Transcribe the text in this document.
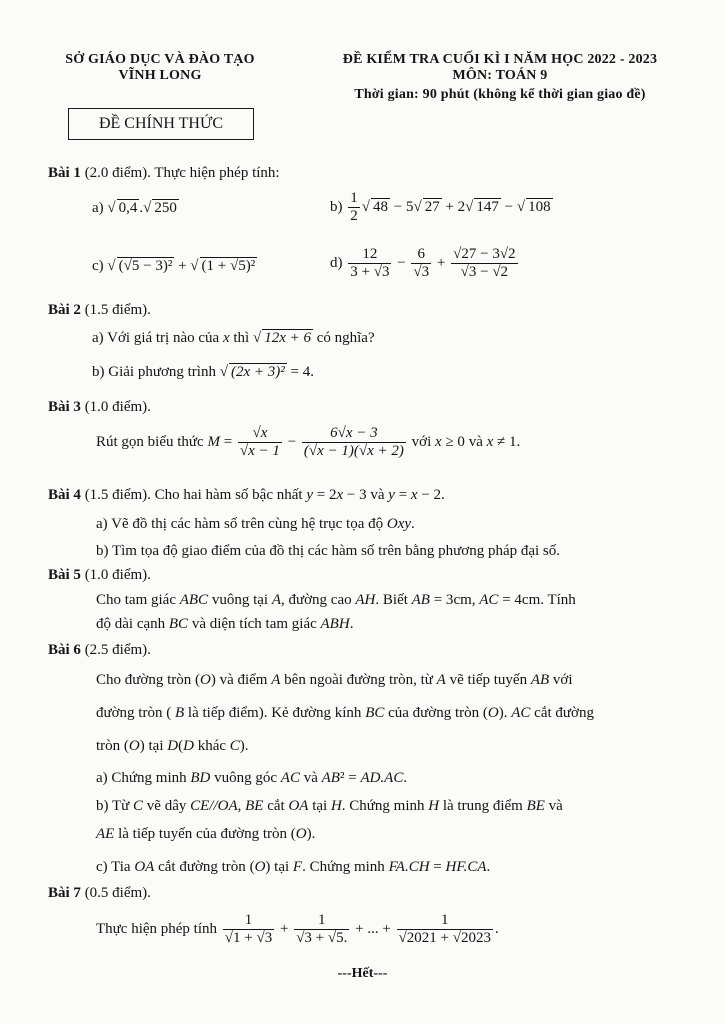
SỞ GIÁO DỤC VÀ ĐÀO TẠO
VĨNH LONG
ĐỀ KIỂM TRA CUỐI KÌ I NĂM HỌC 2022 - 2023
MÔN: TOÁN 9
Thời gian: 90 phút (không kể thời gian giao đề)
ĐỀ CHÍNH THỨC
Bài 1 (2.0 điểm). Thực hiện phép tính:
a) √ 0,4 .√ 250	$b) \frac{1}{2}$ √ 48 − 5√ 27 + 2√ 147 − √ 108
c) √ (√5 − 3)² + √ (1 + √5)²	$d) \frac{12}{3 + √3} - \frac{6}{√3} + \frac{√27 - 3√2}{√3 - √2}$
Bài 2 (1.5 điểm).
a) Với giá trị nào của x thì √ 12x + 6 có nghĩa?
b) Giải phương trình √ (2x + 3)² = 4.
Bài 3 (1.0 điểm).
Rút gọn biểu thức $M = \frac{√x}{√x - 1} - \frac{6√x - 3}{(√x - 1)(√x + 2)}$ với x ≥ 0 và x ≠ 1.
Bài 4 (1.5 điểm). Cho hai hàm số bậc nhất y = 2x − 3 và y = x − 2.
a) Vẽ đồ thị các hàm số trên cùng hệ trục tọa độ Oxy.
b) Tìm tọa độ giao điểm của đồ thị các hàm số trên bằng phương pháp đại số.
Bài 5 (1.0 điểm).
Cho tam giác ABC vuông tại A, đường cao AH. Biết AB = 3cm, AC = 4cm. Tính
độ dài cạnh BC và diện tích tam giác ABH.
Bài 6 (2.5 điểm).
Cho đường tròn (O) và điểm A bên ngoài đường tròn, từ A vẽ tiếp tuyến AB với
đường tròn ( B là tiếp điểm). Kẻ đường kính BC của đường tròn (O). AC cắt đường
tròn (O) tại D(D khác C).
a) Chứng minh BD vuông góc AC và AB² = AD.AC.
b) Từ C vẽ dây CE//OA, BE cắt OA tại H. Chứng minh H là trung điểm BE và
AE là tiếp tuyến của đường tròn (O).
c) Tia OA cắt đường tròn (O) tại F. Chứng minh FA.CH = HF.CA.
Bài 7 (0.5 điểm).
Thực hiện phép tính $\frac{1}{√1 + √3} + \frac{1}{√3 + √5.}$ + ... + $\frac{1}{√2021 + √2023}$ .
---Hết---
